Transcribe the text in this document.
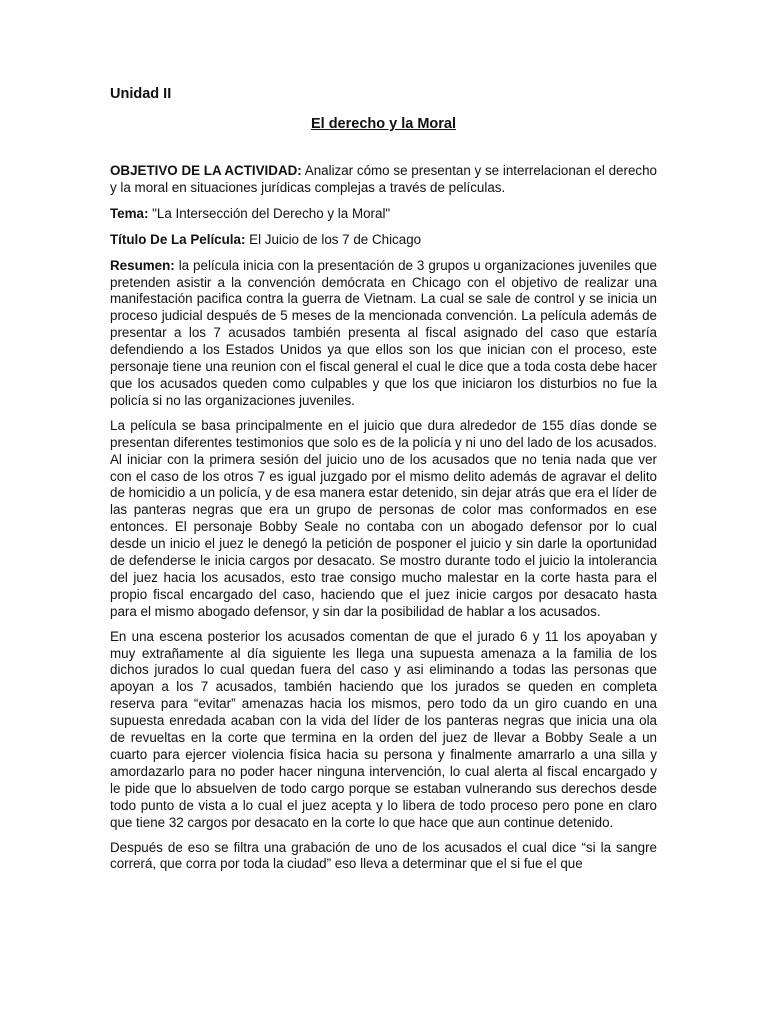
Unidad II

El derecho y la Moral

OBJETIVO DE LA ACTIVIDAD: Analizar cómo se presentan y se interrelacionan el derecho y la moral en situaciones jurídicas complejas a través de películas.

Tema: "La Intersección del Derecho y la Moral"

Título De La Película: El Juicio de los 7 de Chicago

Resumen: la película inicia con la presentación de 3 grupos u organizaciones juveniles que pretenden asistir a la convención demócrata en Chicago con el objetivo de realizar una manifestación pacifica contra la guerra de Vietnam. La cual se sale de control y se inicia un proceso judicial después de 5 meses de la mencionada convención. La película además de presentar a los 7 acusados también presenta al fiscal asignado del caso que estaría defendiendo a los Estados Unidos ya que ellos son los que inician con el proceso, este personaje tiene una reunion con el fiscal general el cual le dice que a toda costa debe hacer que los acusados queden como culpables y que los que iniciaron los disturbios no fue la policía si no las organizaciones juveniles.

La película se basa principalmente en el juicio que dura alrededor de 155 días donde se presentan diferentes testimonios que solo es de la policía y ni uno del lado de los acusados. Al iniciar con la primera sesión del juicio uno de los acusados que no tenia nada que ver con el caso de los otros 7 es igual juzgado por el mismo delito además de agravar el delito de homicidio a un policía, y de esa manera estar detenido, sin dejar atrás que era el líder de las panteras negras que era un grupo de personas de color mas conformados en ese entonces. El personaje Bobby Seale no contaba con un abogado defensor por lo cual desde un inicio el juez le denegó la petición de posponer el juicio y sin darle la oportunidad de defenderse le inicia cargos por desacato. Se mostro durante todo el juicio la intolerancia del juez hacia los acusados, esto trae consigo mucho malestar en la corte hasta para el propio fiscal encargado del caso, haciendo que el juez inicie cargos por desacato hasta para el mismo abogado defensor, y sin dar la posibilidad de hablar a los acusados.

En una escena posterior los acusados comentan de que el jurado 6 y 11 los apoyaban y muy extrañamente al día siguiente les llega una supuesta amenaza a la familia de los dichos jurados lo cual quedan fuera del caso y asi eliminando a todas las personas que apoyan a los 7 acusados, también haciendo que los jurados se queden en completa reserva para “evitar” amenazas hacia los mismos, pero todo da un giro cuando en una supuesta enredada acaban con la vida del líder de los panteras negras que inicia una ola de revueltas en la corte que termina en la orden del juez de llevar a Bobby Seale a un cuarto para ejercer violencia física hacia su persona y finalmente amarrarlo a una silla y amordazarlo para no poder hacer ninguna intervención, lo cual alerta al fiscal encargado y le pide que lo absuelven de todo cargo porque se estaban vulnerando sus derechos desde todo punto de vista a lo cual el juez acepta y lo libera de todo proceso pero pone en claro que tiene 32 cargos por desacato en la corte lo que hace que aun continue detenido.

Después de eso se filtra una grabación de uno de los acusados el cual dice “si la sangre correrá, que corra por toda la ciudad” eso lleva a determinar que el si fue el que
